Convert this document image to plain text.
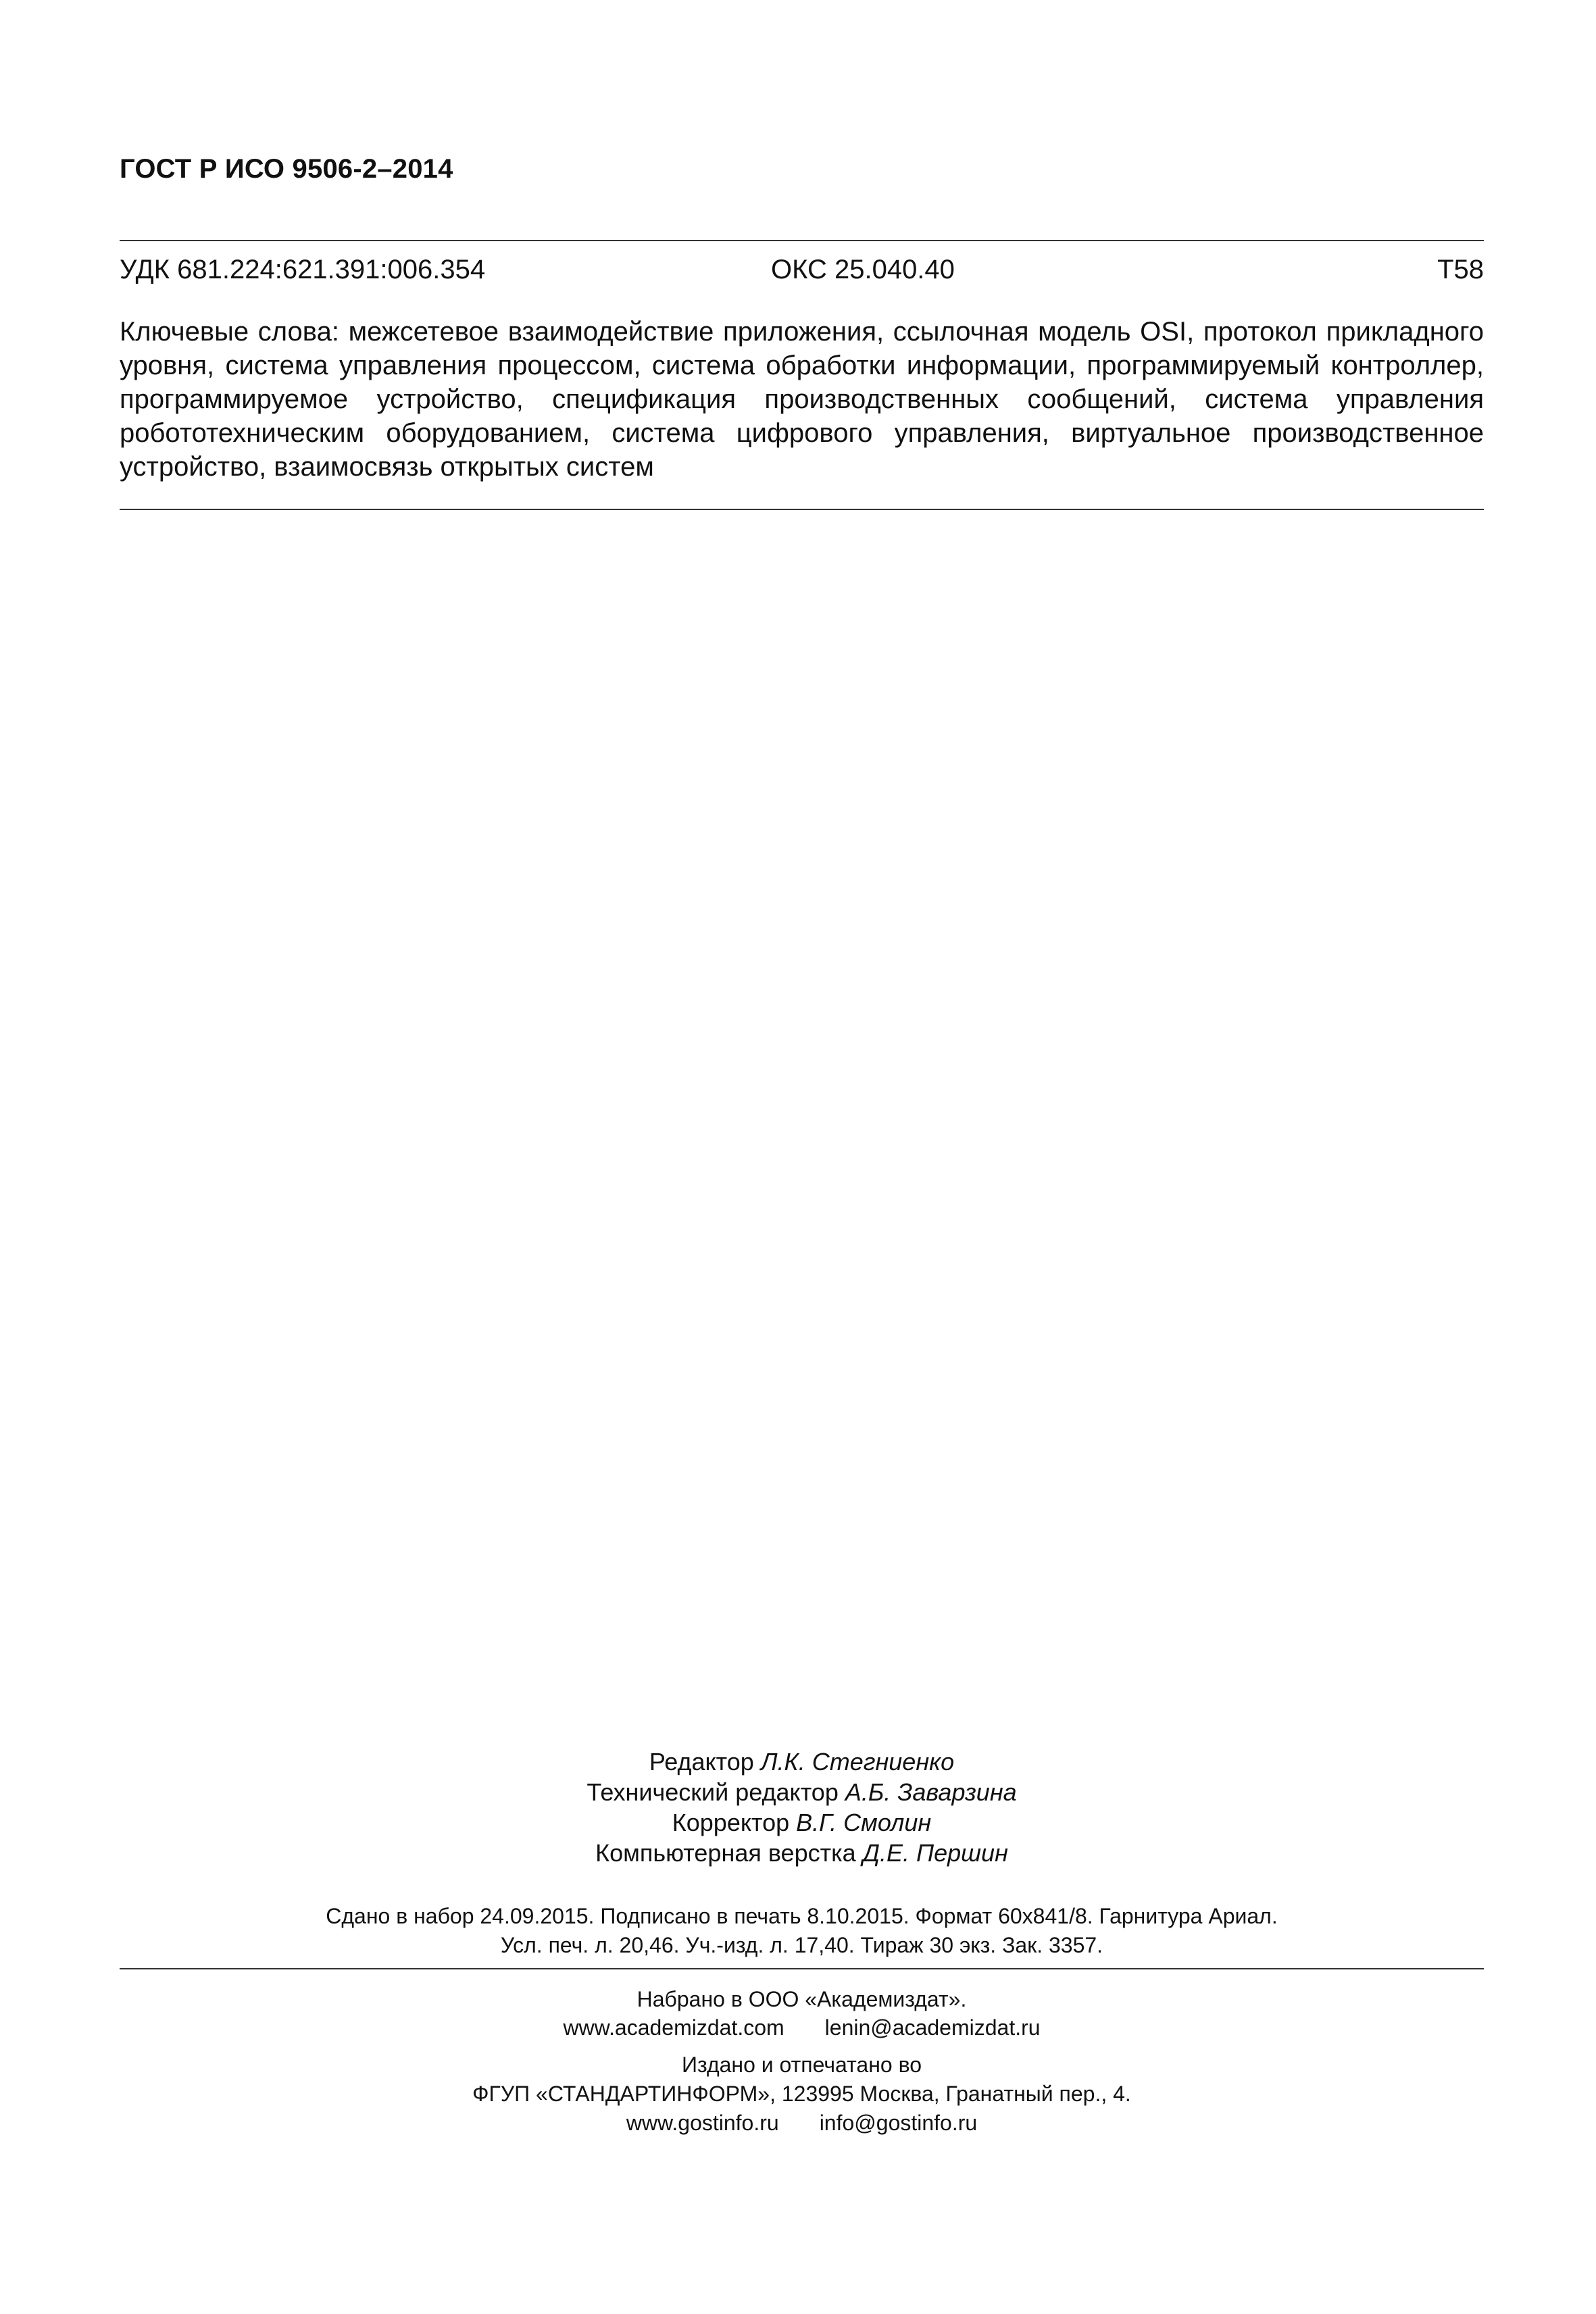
ГОСТ Р ИСО 9506-2–2014
УДК 681.224:621.391:006.354	ОКС 25.040.40	Т58

Ключевые слова: межсетевое взаимодействие приложения, ссылочная модель OSI, протокол прикладного уровня, система управления процессом, система обработки информации, программируемый контроллер, программируемое устройство, спецификация производственных сообщений, система управления робототехническим оборудованием, система цифрового управления, виртуальное производственное устройство, взаимосвязь открытых систем

Редактор Л.К. Стегниенко
Технический редактор А.Б. Заварзина
Корректор В.Г. Смолин
Компьютерная верстка Д.Е. Першин
Сдано в набор 24.09.2015. Подписано в печать 8.10.2015. Формат 60x841/8. Гарнитура Ариал.
Усл. печ. л. 20,46. Уч.-изд. л. 17,40. Тираж 30 экз. Зак. 3357.
Набрано в ООО «Академиздат».
www.academizdat.com lenin@academizdat.ru
Издано и отпечатано во
ФГУП «СТАНДАРТИНФОРМ», 123995 Москва, Гранатный пер., 4.
www.gostinfo.ru info@gostinfo.ru
